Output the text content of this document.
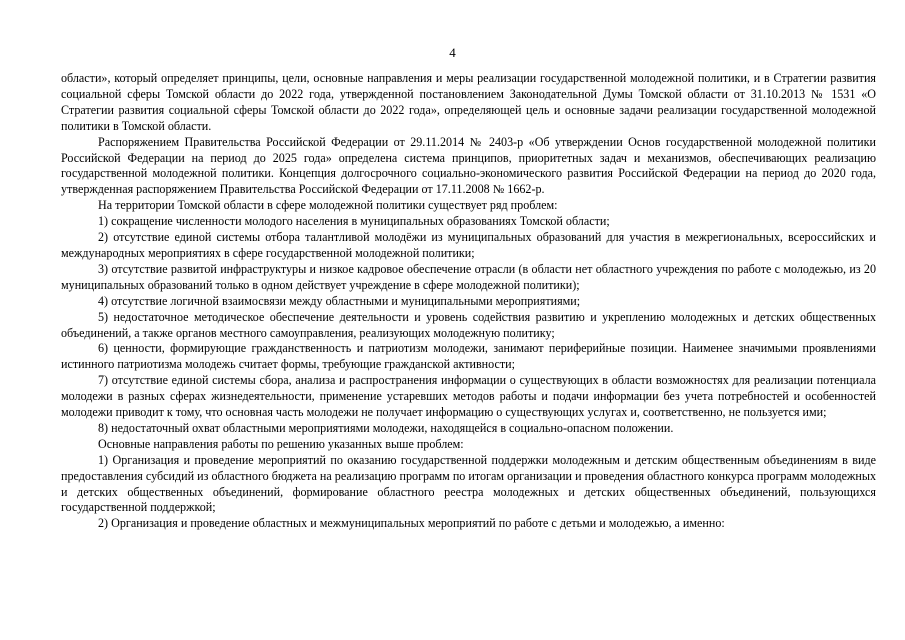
4

области», который определяет принципы, цели, основные направления и меры реализации государственной молодежной политики, и в Стратегии развития социальной сферы Томской области до 2022 года, утвержденной постановлением Законодательной Думы Томской области от 31.10.2013 № 1531 «О Стратегии развития социальной сферы Томской области до 2022 года», определяющей цель и основные задачи реализации государственной молодежной политики в Томской области.

Распоряжением Правительства Российской Федерации от 29.11.2014 № 2403-р «Об утверждении Основ государственной молодежной политики Российской Федерации на период до 2025 года» определена система принципов, приоритетных задач и механизмов, обеспечивающих реализацию государственной молодежной политики. Концепция долгосрочного социально-экономического развития Российской Федерации на период до 2020 года, утвержденная распоряжением Правительства Российской Федерации от 17.11.2008 № 1662-р.

На территории Томской области в сфере молодежной политики существует ряд проблем:

1) сокращение численности молодого населения в муниципальных образованиях Томской области;

2) отсутствие единой системы отбора талантливой молодёжи из муниципальных образований для участия в межрегиональных, всероссийских и международных мероприятиях в сфере государственной молодежной политики;

3) отсутствие развитой инфраструктуры и низкое кадровое обеспечение отрасли (в области нет областного учреждения по работе с молодежью, из 20 муниципальных образований только в одном действует учреждение в сфере молодежной политики);

4) отсутствие логичной взаимосвязи между областными и муниципальными мероприятиями;

5) недостаточное методическое обеспечение деятельности и уровень содействия развитию и укреплению молодежных и детских общественных объединений, а также органов местного самоуправления, реализующих молодежную политику;

6) ценности, формирующие гражданственность и патриотизм молодежи, занимают периферийные позиции. Наименее значимыми проявлениями истинного патриотизма молодежь считает формы, требующие гражданской активности;

7) отсутствие единой системы сбора, анализа и распространения информации о существующих в области возможностях для реализации потенциала молодежи в разных сферах жизнедеятельности, применение устаревших методов работы и подачи информации без учета потребностей и особенностей молодежи приводит к тому, что основная часть молодежи не получает информацию о существующих услугах и, соответственно, не пользуется ими;

8) недостаточный охват областными мероприятиями молодежи, находящейся в социально-опасном положении.

Основные направления работы по решению указанных выше проблем:

1) Организация и проведение мероприятий по оказанию государственной поддержки молодежным и детским общественным объединениям в виде предоставления субсидий из областного бюджета на реализацию программ по итогам организации и проведения областного конкурса программ молодежных и детских общественных объединений, формирование областного реестра молодежных и детских общественных объединений, пользующихся государственной поддержкой;

2) Организация и проведение областных и межмуниципальных мероприятий по работе с детьми и молодежью, а именно:
